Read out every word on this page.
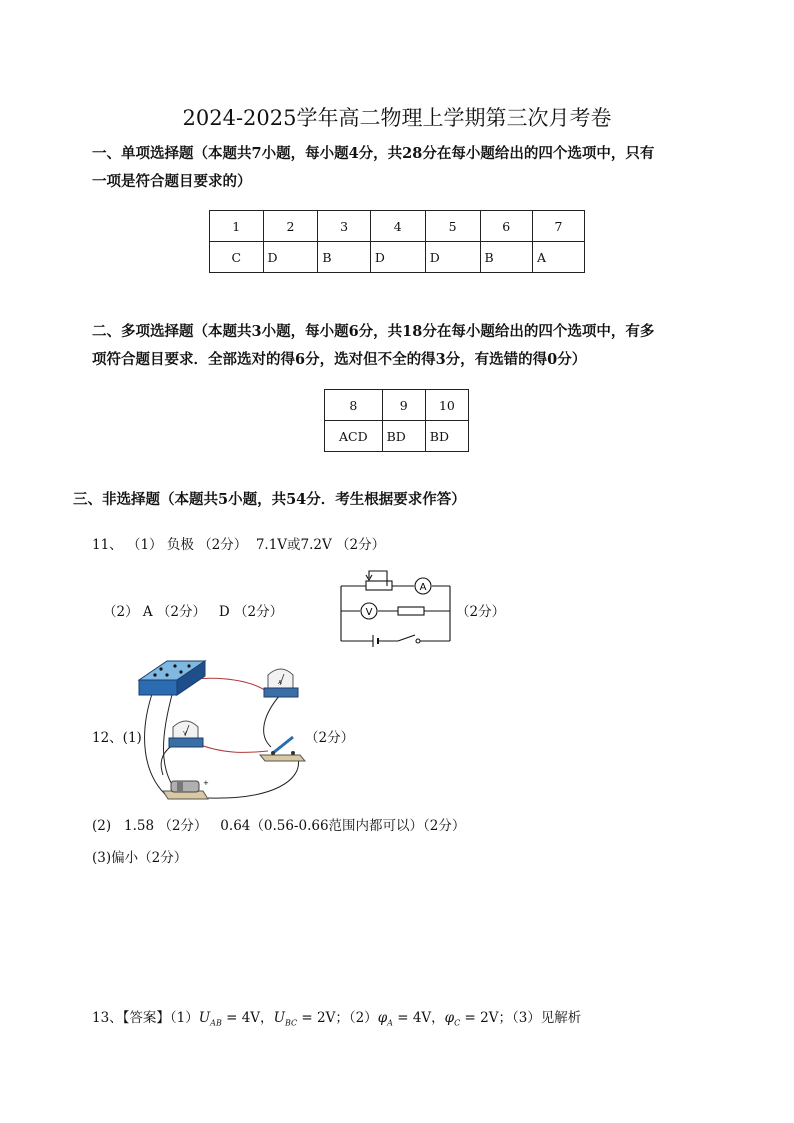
2024-2025学年高二物理上学期第三次月考卷
一、单项选择题（本题共7小题，每小题4分，共28分在每小题给出的四个选项中，只有
一项是符合题目要求的）
1	2	3	4	5	6	7
C	D	B	D	D	B	A
二、多项选择题（本题共3小题，每小题6分，共18分在每小题给出的四个选项中，有多
项符合题目要求．全部选对的得6分，选对但不全的得3分，有选错的得0分）
8	9	10
ACD	BD	BD
三、非选择题（本题共5小题，共54分．考生根据要求作答）
11、 （1） 负极 （2分）  7.1V或7.2V （2分）
（2） A （2分）   D （2分）
A
V	（2分）
12、(1)	（2分）
A
V
+
(2)   1.58 （2分）   0.64（0.56-0.66范围内都可以）（2分）
(3)偏小（2分）
13、【答案】$(1)U_{AB} = 4V$，$U_{BC} = 2V$；$(2)\varphi_A = 4V$，$\varphi_C = 2V$；（3）见解析
